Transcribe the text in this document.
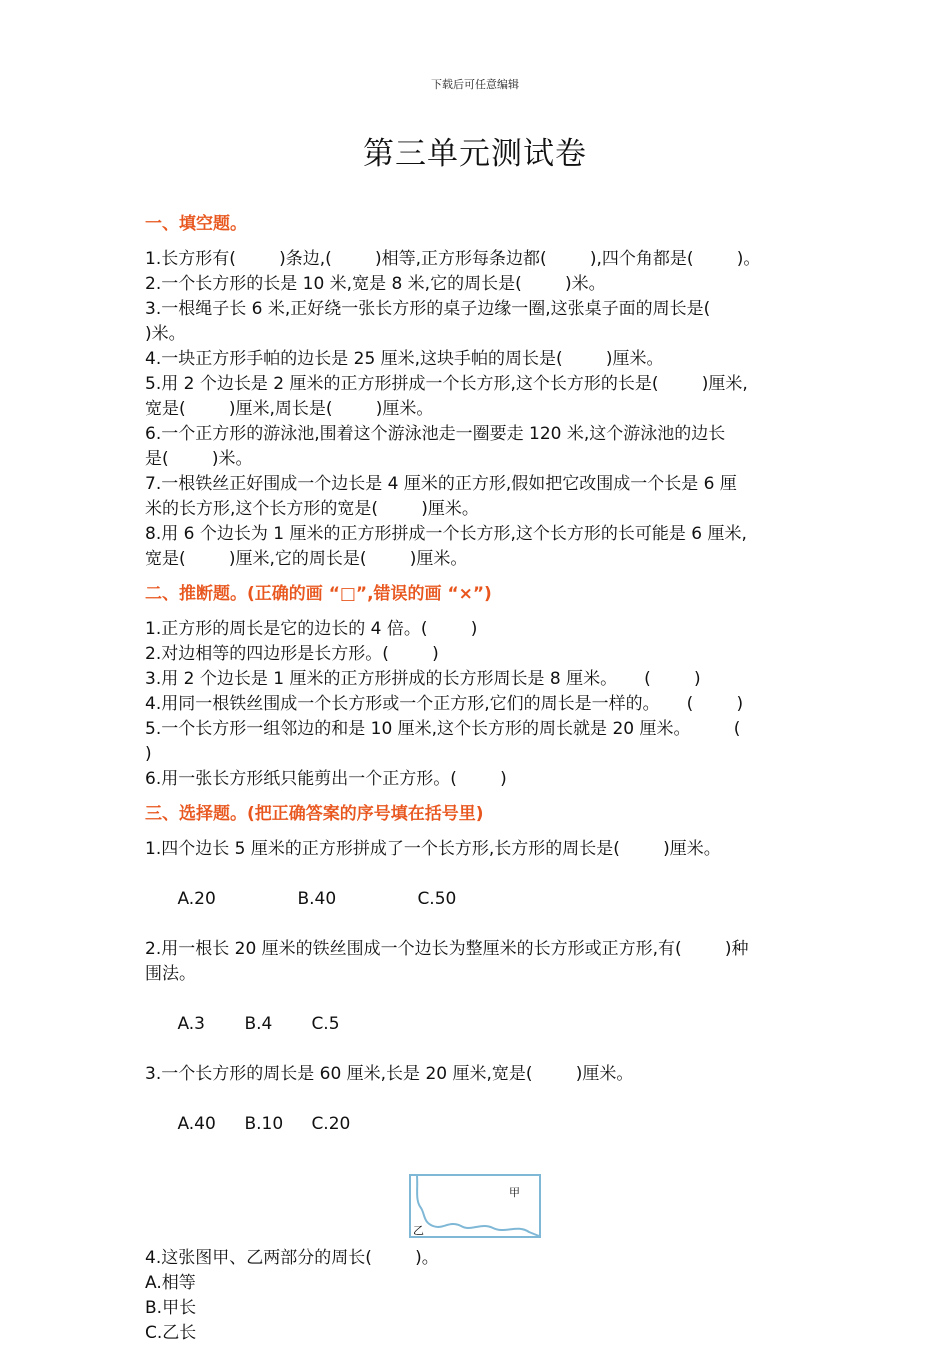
下载后可任意编辑
第三单元测试卷
一、填空题。
1.长方形有(        )条边,(        )相等,正方形每条边都(        ),四个角都是(        )。
2.一个长方形的长是 10 米,宽是 8 米,它的周长是(        )米。
3.一根绳子长 6 米,正好绕一张长方形的桌子边缘一圈,这张桌子面的周长是(
)米。
4.一块正方形手帕的边长是 25 厘米,这块手帕的周长是(        )厘米。
5.用 2 个边长是 2 厘米的正方形拼成一个长方形,这个长方形的长是(        )厘米,
宽是(        )厘米,周长是(        )厘米。
6.一个正方形的游泳池,围着这个游泳池走一圈要走 120 米,这个游泳池的边长
是(        )米。
7.一根铁丝正好围成一个边长是 4 厘米的正方形,假如把它改围成一个长是 6 厘
米的长方形,这个长方形的宽是(        )厘米。
8.用 6 个边长为 1 厘米的正方形拼成一个长方形,这个长方形的长可能是 6 厘米,
宽是(        )厘米,它的周长是(        )厘米。
二、推断题。(正确的画 “□”,错误的画 “×”)
1.正方形的周长是它的边长的 4 倍。(        )
2.对边相等的四边形是长方形。(        )
3.用 2 个边长是 1 厘米的正方形拼成的长方形周长是 8 厘米。     (        )
4.用同一根铁丝围成一个长方形或一个正方形,它们的周长是一样的。     (        )
5.一个长方形一组邻边的和是 10 厘米,这个长方形的周长就是 20 厘米。        (
)
6.用一张长方形纸只能剪出一个正方形。(        )
三、选择题。(把正确答案的序号填在括号里)
1.四个边长 5 厘米的正方形拼成了一个长方形,长方形的周长是(        )厘米。

A.20	B.40	C.50

2.用一根长 20 厘米的铁丝围成一个边长为整厘米的长方形或正方形,有(        )种
围法。

A.3 B.4 C.5

3.一个长方形的周长是 60 厘米,长是 20 厘米,宽是(        )厘米。

A.40 B.10 C.20

甲
乙
4.这张图甲、乙两部分的周长(        )。
A.相等
B.甲长
C.乙长
